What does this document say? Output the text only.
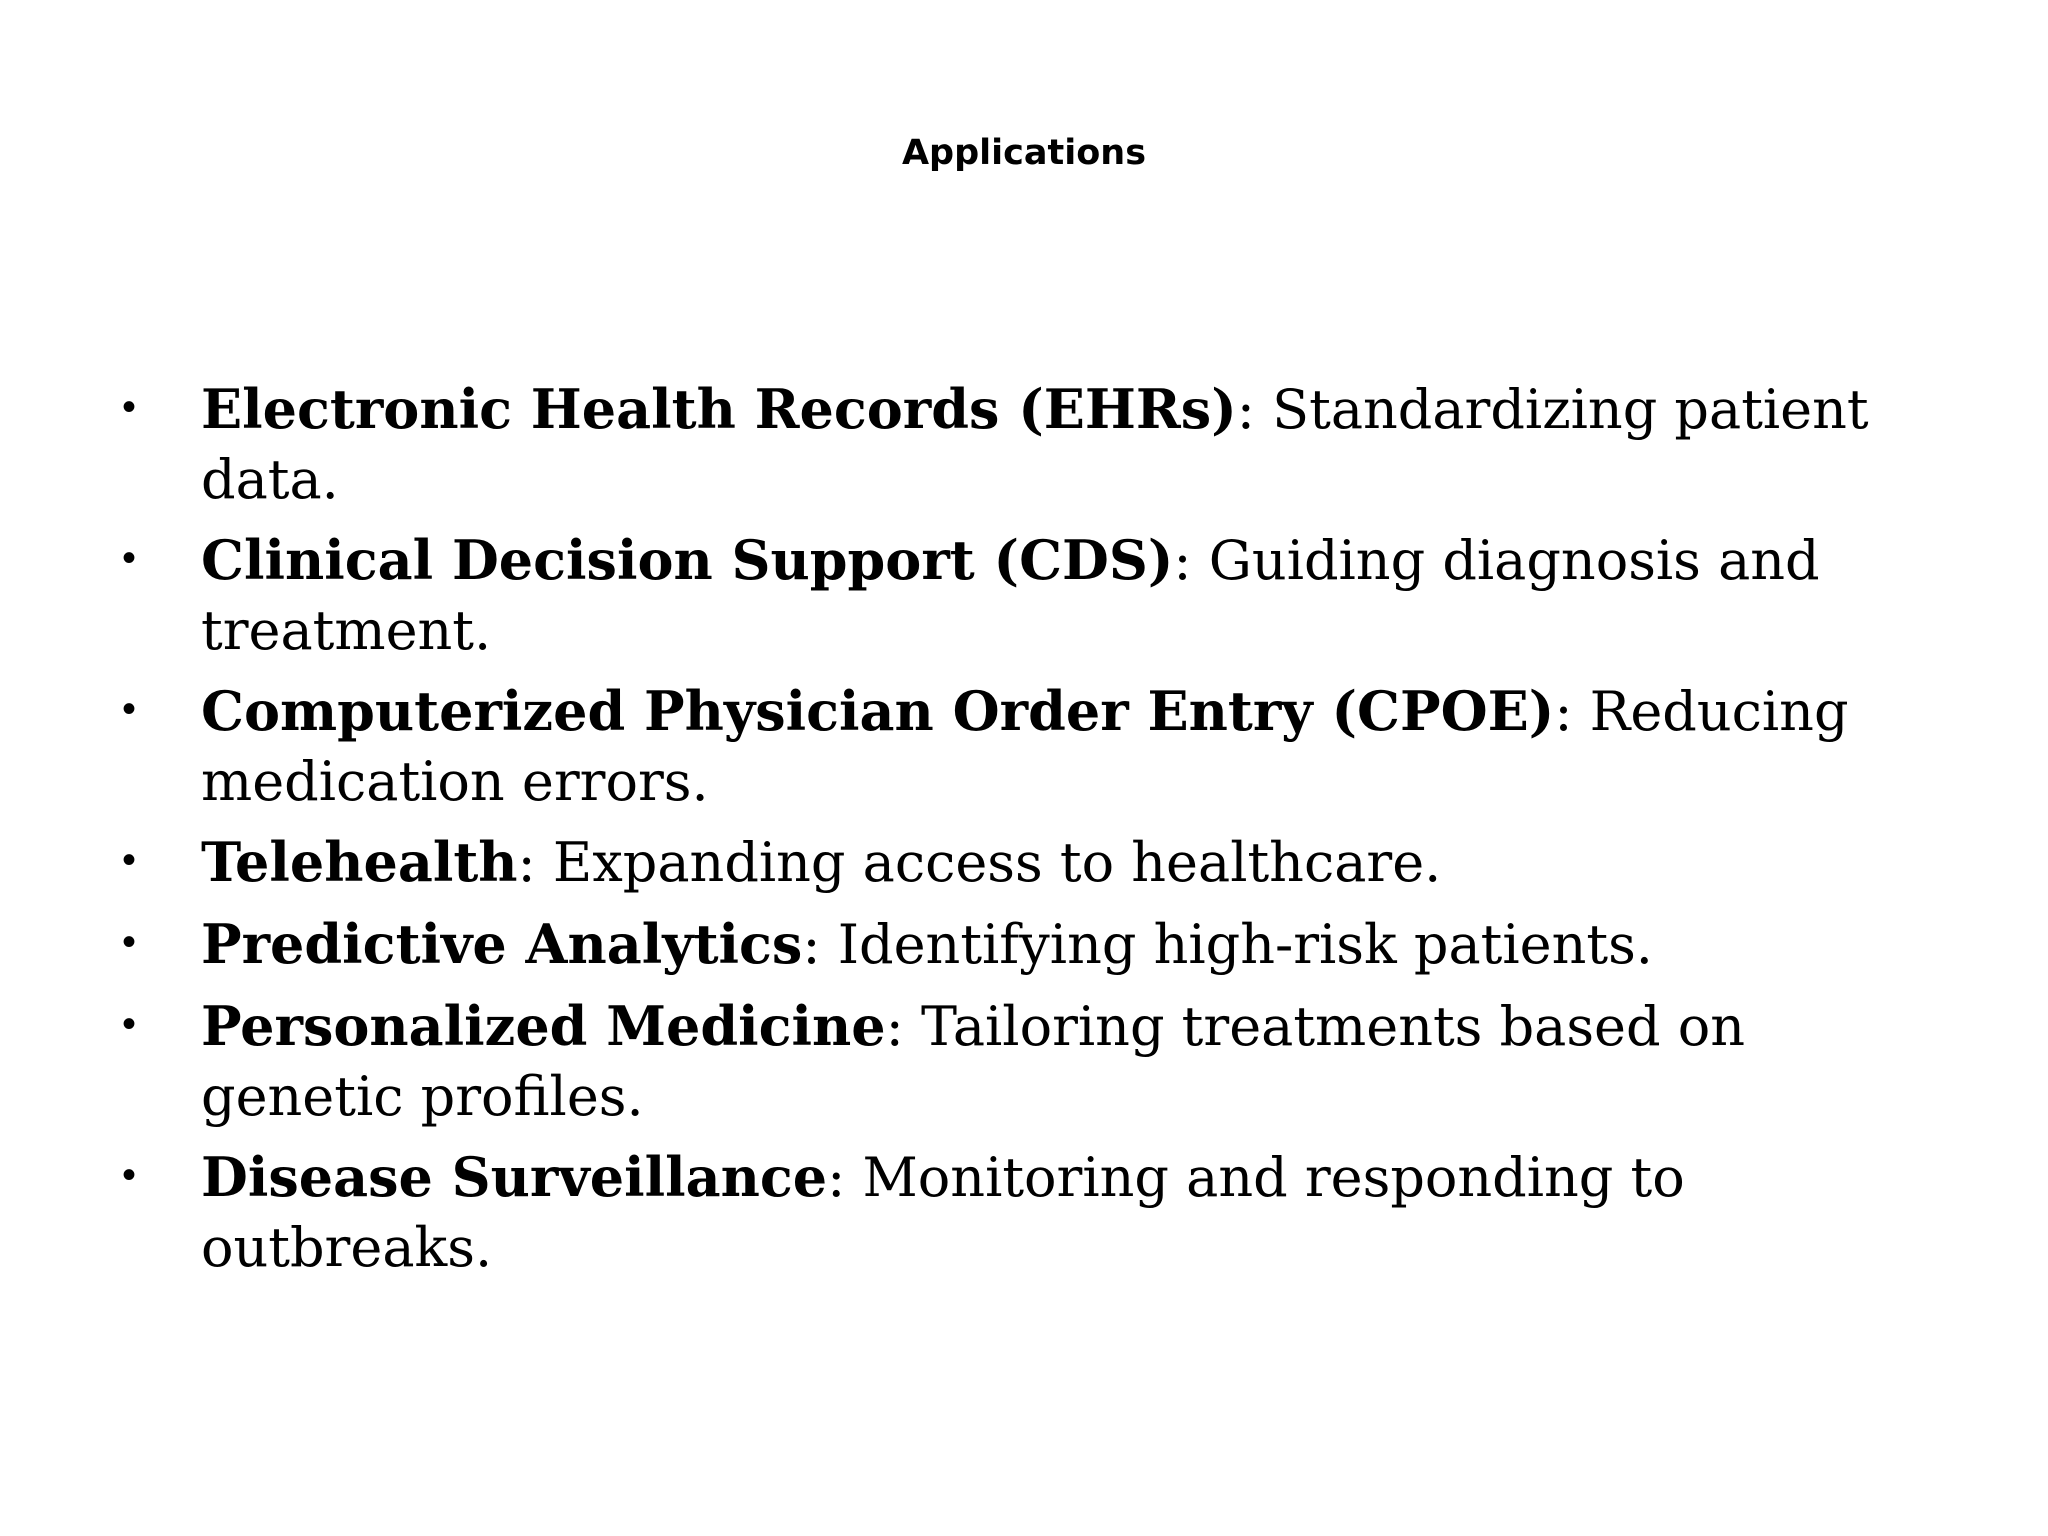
Applications
• Electronic Health Records (EHRs): Standardizing patient data.
• Clinical Decision Support (CDS): Guiding diagnosis and treatment.
• Computerized Physician Order Entry (CPOE): Reducing medication errors.
• Telehealth: Expanding access to healthcare.
• Predictive Analytics: Identifying high-risk patients.
• Personalized Medicine: Tailoring treatments based on genetic profiles.
• Disease Surveillance: Monitoring and responding to outbreaks.
